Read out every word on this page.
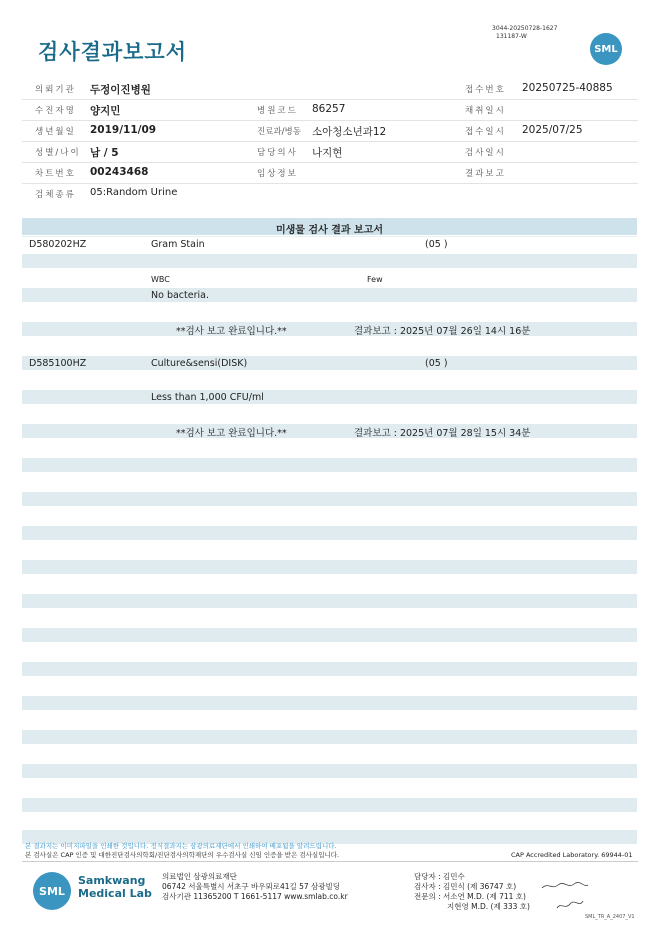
검사결과보고서
3044-20250728-1627
131187-W
SML
의뢰기관 두정이진병원	접수번호 20250725-40885
수진자명 양지민	병원코드 86257	채취일시
생년월일 2019/11/09	진료과/병동 소아청소년과12	접수일시 2025/07/25
성별/나이 남 / 5	담당의사 나지현	검사일시
차트번호 00243468	임상정보	결과보고
검체종류 05:Random Urine
미생물 검사 결과 보고서
D580202HZ	Gram Stain	(05 )
WBC	Few
No bacteria.
**검사 보고 완료입니다.**	결과보고 : 2025년 07월 26일 14시 16분
D585100HZ	Culture&sensi(DISK)	(05 )
Less than 1,000 CFU/ml
**검사 보고 완료입니다.**	결과보고 : 2025년 07월 28일 15시 34분
본 결과지는 이미지파일을 인쇄한 것입니다. 정식결과지는 삼광의료재단에서 인쇄하여 배포됨을 알려드립니다.
본 검사실은 CAP 인증 및 대한진단검사의학회/진단검사의학재단의 우수검사실 신임 인증을 받은 검사실입니다.	CAP Accredited Laboratory. 69944-01
SML
Samkwang
Medical Lab
의료법인 삼광의료재단
06742 서울특별시 서초구 바우뫼로41길 57 삼광빌딩
검사기관 11365200 T 1661-5117 www.smlab.co.kr
담당자 : 김민수
검사자 : 김민식 (제 36747 호)
전문의 : 서소연 M.D. (제 711 호)
지현영 M.D. (제 333 호)
SML_TR_A_2407_V1
